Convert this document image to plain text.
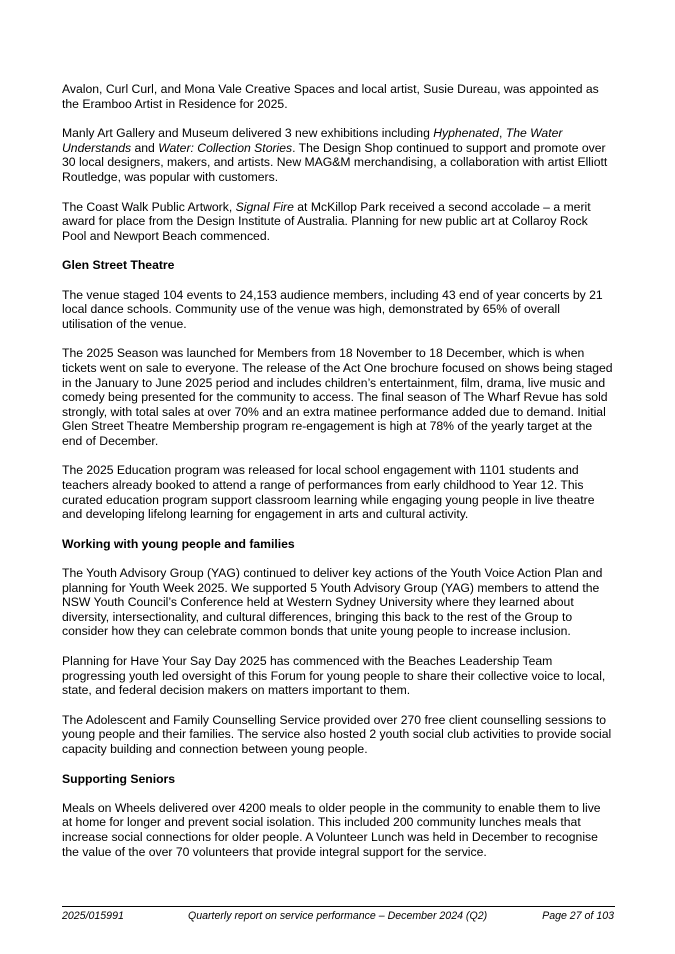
Avalon, Curl Curl, and Mona Vale Creative Spaces and local artist, Susie Dureau, was appointed as the Eramboo Artist in Residence for 2025.

Manly Art Gallery and Museum delivered 3 new exhibitions including Hyphenated, The Water Understands and Water: Collection Stories. The Design Shop continued to support and promote over 30 local designers, makers, and artists. New MAG&M merchandising, a collaboration with artist Elliott Routledge, was popular with customers.

The Coast Walk Public Artwork, Signal Fire at McKillop Park received a second accolade – a merit award for place from the Design Institute of Australia. Planning for new public art at Collaroy Rock Pool and Newport Beach commenced.

Glen Street Theatre

The venue staged 104 events to 24,153 audience members, including 43 end of year concerts by 21 local dance schools. Community use of the venue was high, demonstrated by 65% of overall utilisation of the venue.

The 2025 Season was launched for Members from 18 November to 18 December, which is when tickets went on sale to everyone. The release of the Act One brochure focused on shows being staged in the January to June 2025 period and includes children’s entertainment, film, drama, live music and comedy being presented for the community to access. The final season of The Wharf Revue has sold strongly, with total sales at over 70% and an extra matinee performance added due to demand. Initial Glen Street Theatre Membership program re-engagement is high at 78% of the yearly target at the end of December.

The 2025 Education program was released for local school engagement with 1101 students and teachers already booked to attend a range of performances from early childhood to Year 12. This curated education program support classroom learning while engaging young people in live theatre and developing lifelong learning for engagement in arts and cultural activity.

Working with young people and families

The Youth Advisory Group (YAG) continued to deliver key actions of the Youth Voice Action Plan and planning for Youth Week 2025. We supported 5 Youth Advisory Group (YAG) members to attend the NSW Youth Council’s Conference held at Western Sydney University where they learned about diversity, intersectionality, and cultural differences, bringing this back to the rest of the Group to consider how they can celebrate common bonds that unite young people to increase inclusion.

Planning for Have Your Say Day 2025 has commenced with the Beaches Leadership Team progressing youth led oversight of this Forum for young people to share their collective voice to local, state, and federal decision makers on matters important to them.

The Adolescent and Family Counselling Service provided over 270 free client counselling sessions to young people and their families. The service also hosted 2 youth social club activities to provide social capacity building and connection between young people.

Supporting Seniors

Meals on Wheels delivered over 4200 meals to older people in the community to enable them to live at home for longer and prevent social isolation. This included 200 community lunches meals that increase social connections for older people. A Volunteer Lunch was held in December to recognise the value of the over 70 volunteers that provide integral support for the service.

2025/015991	Quarterly report on service performance – December 2024 (Q2)	Page 27 of 103
